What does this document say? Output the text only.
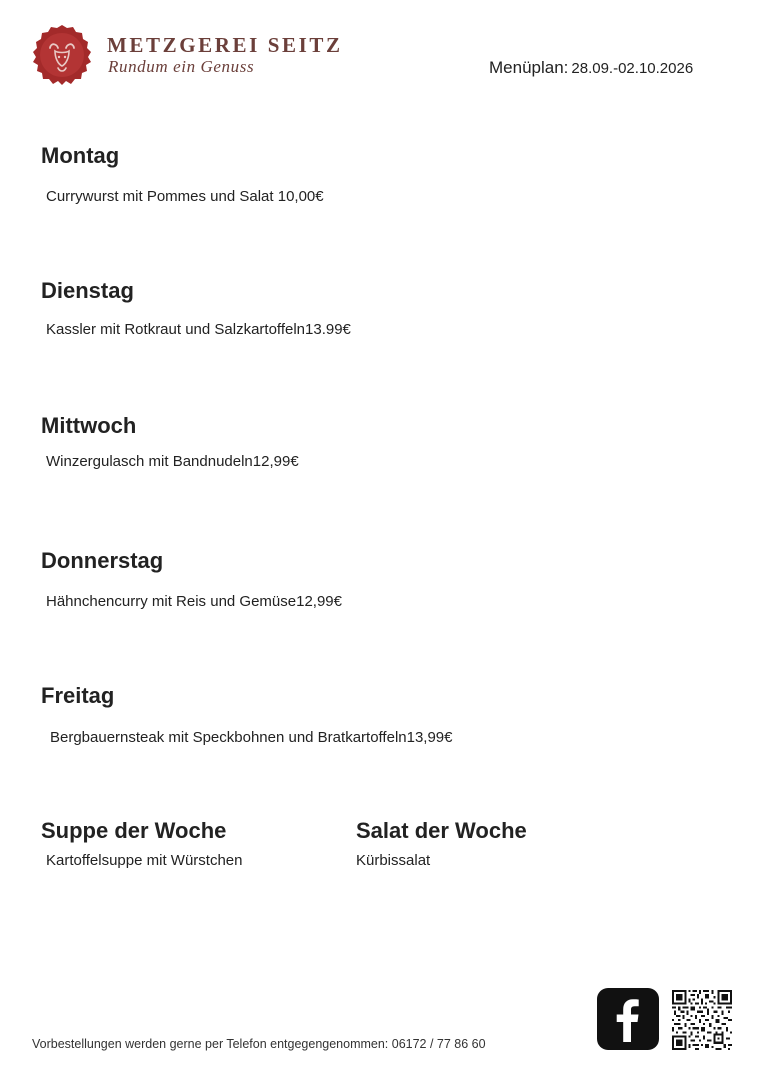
METZGEREI SEITZ
Rundum ein Genuss	Menüplan: 28.09.-02.10.2026
Montag
Currywurst mit Pommes und Salat 10,00€
Dienstag
Kassler mit Rotkraut und Salzkartoffeln13.99€
Mittwoch
Winzergulasch mit Bandnudeln12,99€
Donnerstag
Hähnchencurry mit Reis und Gemüse12,99€
Freitag
Bergbauernsteak mit Speckbohnen und Bratkartoffeln13,99€
Suppe der Woche
Kartoffelsuppe mit Würstchen
Salat der Woche
Kürbissalat
Vorbestellungen werden gerne per Telefon entgegengenommen: 06172 / 77 86 60
